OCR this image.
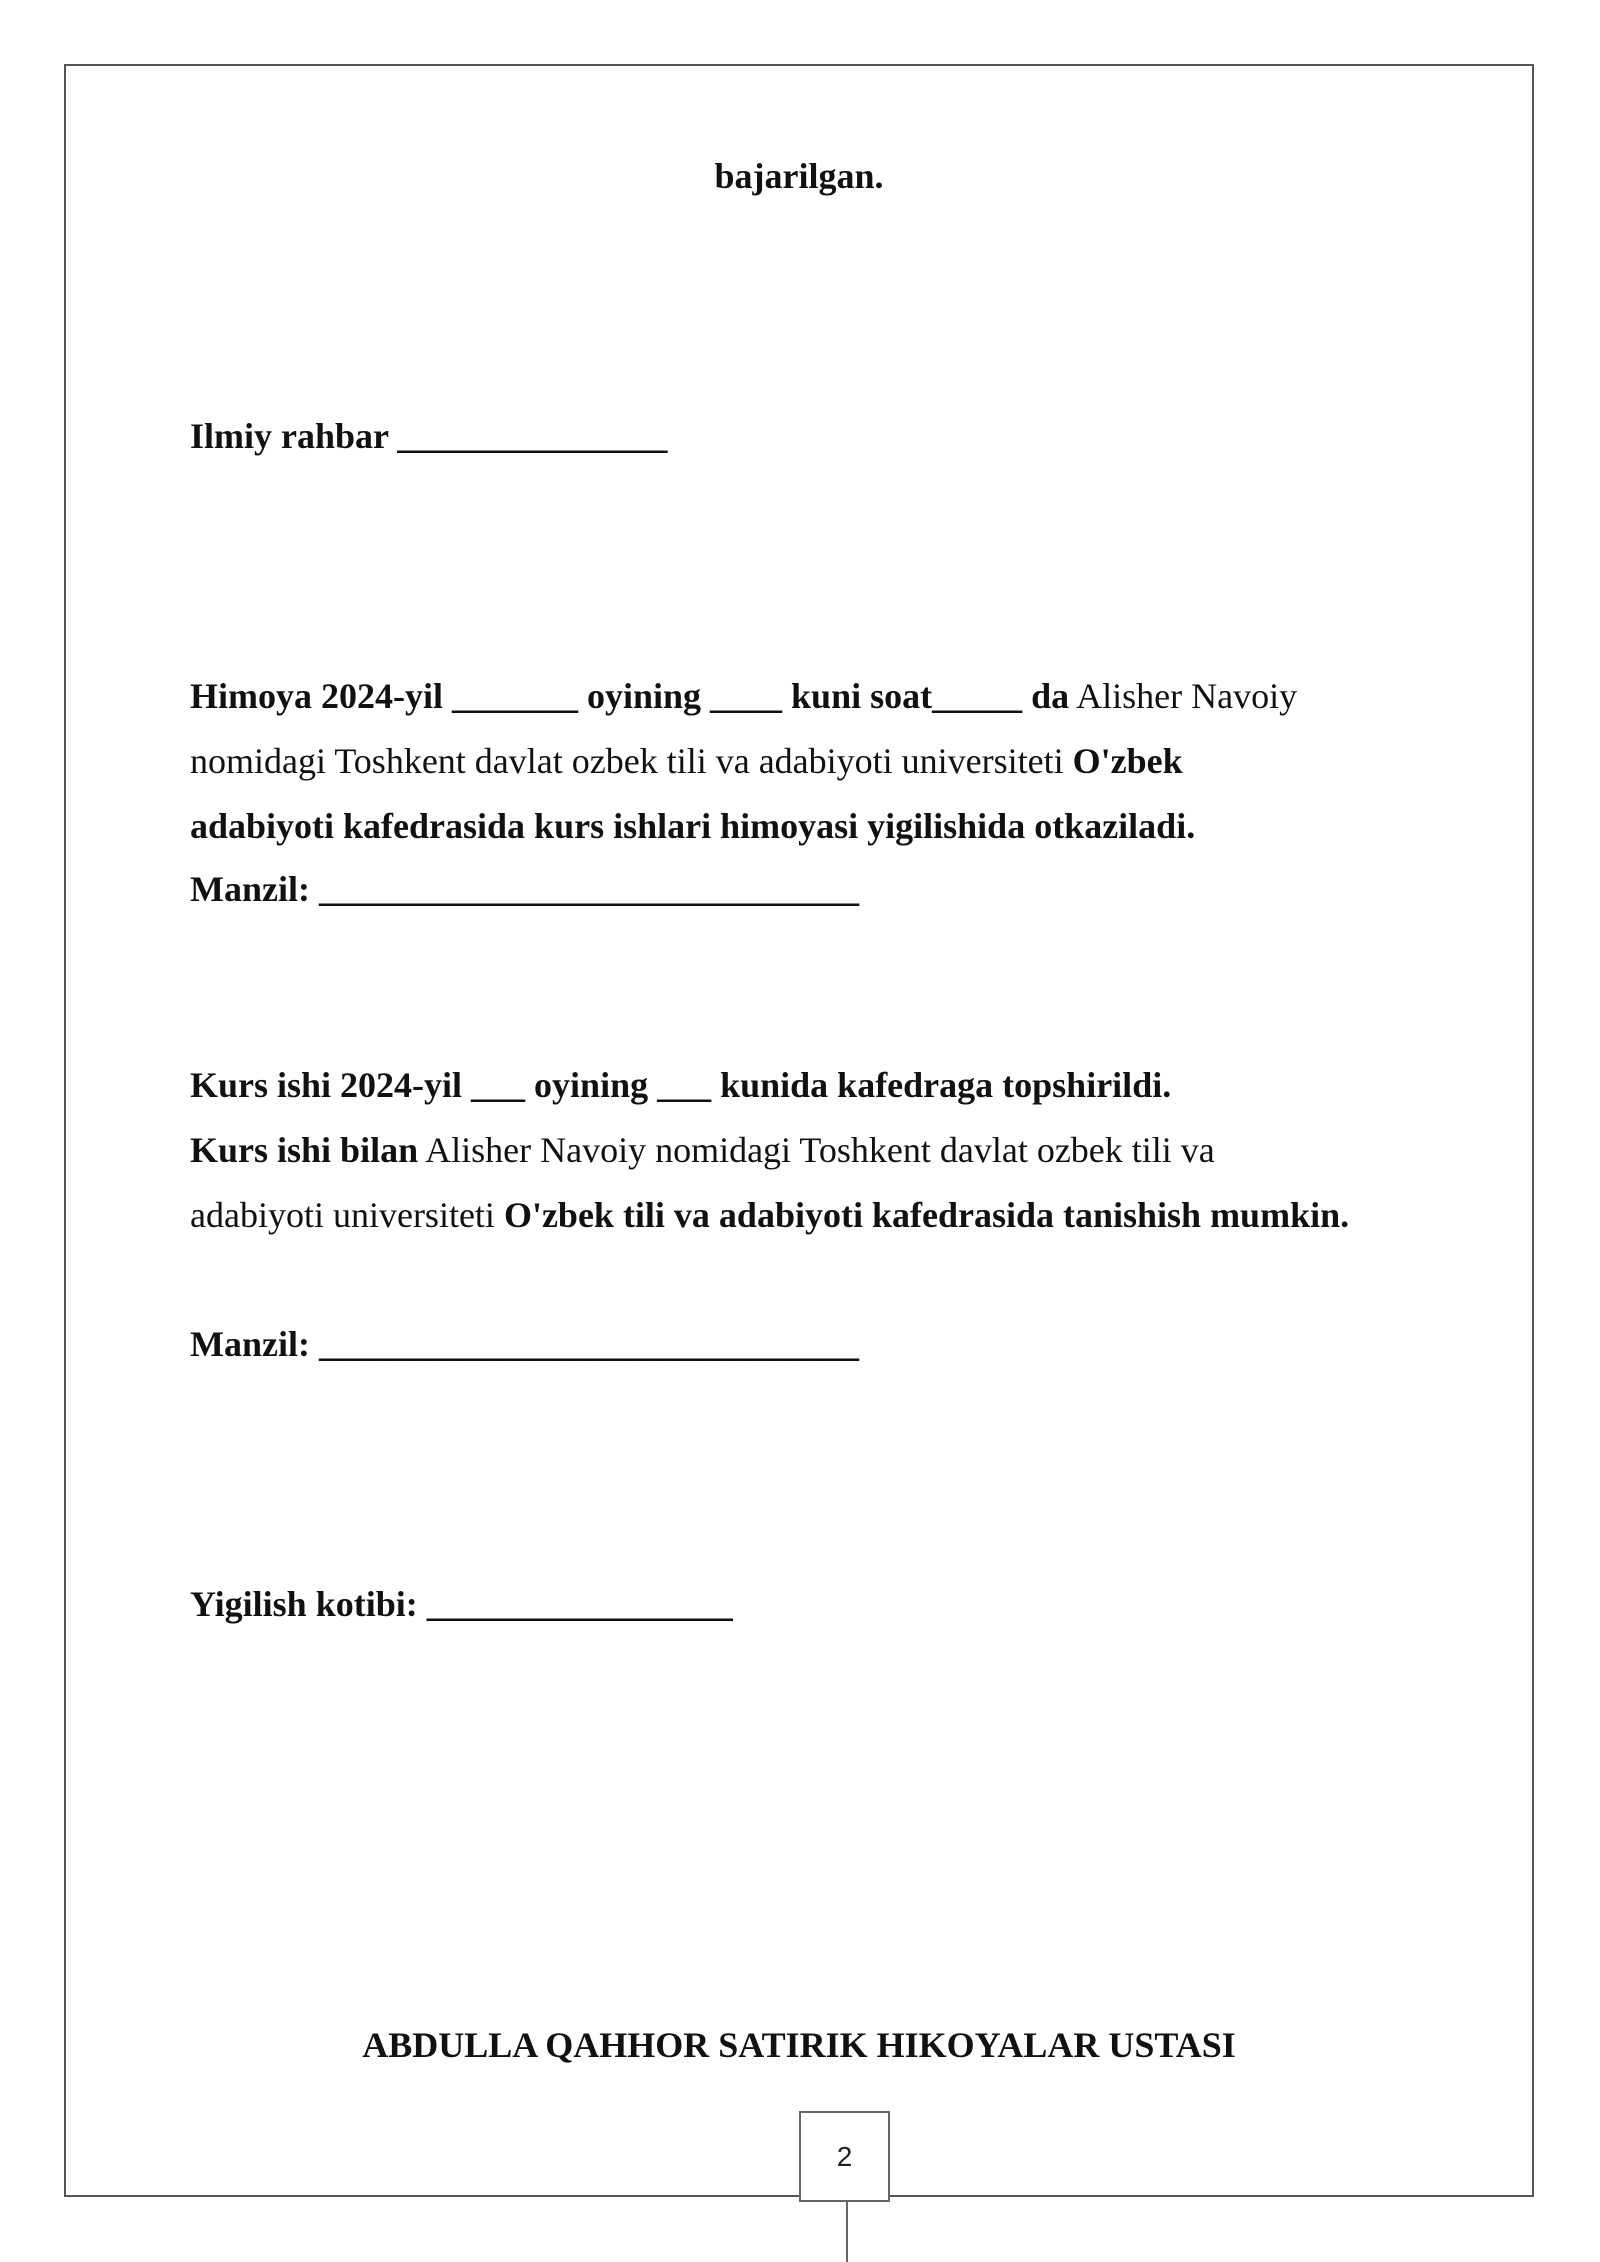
bajarilgan.
Ilmiy rahbar _______________
Himoya 2024-yil _______ oyining ____ kuni soat_____ da Alisher Navoiy
nomidagi Toshkent davlat ozbek tili va adabiyoti universiteti O'zbek
adabiyoti kafedrasida kurs ishlari himoyasi yigilishida otkaziladi.
Manzil: ______________________________
Kurs ishi 2024-yil ___ oyining ___ kunida kafedraga topshirildi.
Kurs ishi bilan Alisher Navoiy nomidagi Toshkent davlat ozbek tili va
adabiyoti universiteti O'zbek tili va adabiyoti kafedrasida tanishish mumkin.
Manzil: ______________________________
Yigilish kotibi: _________________
ABDULLA QAHHOR SATIRIK HIKOYALAR USTASI
2
